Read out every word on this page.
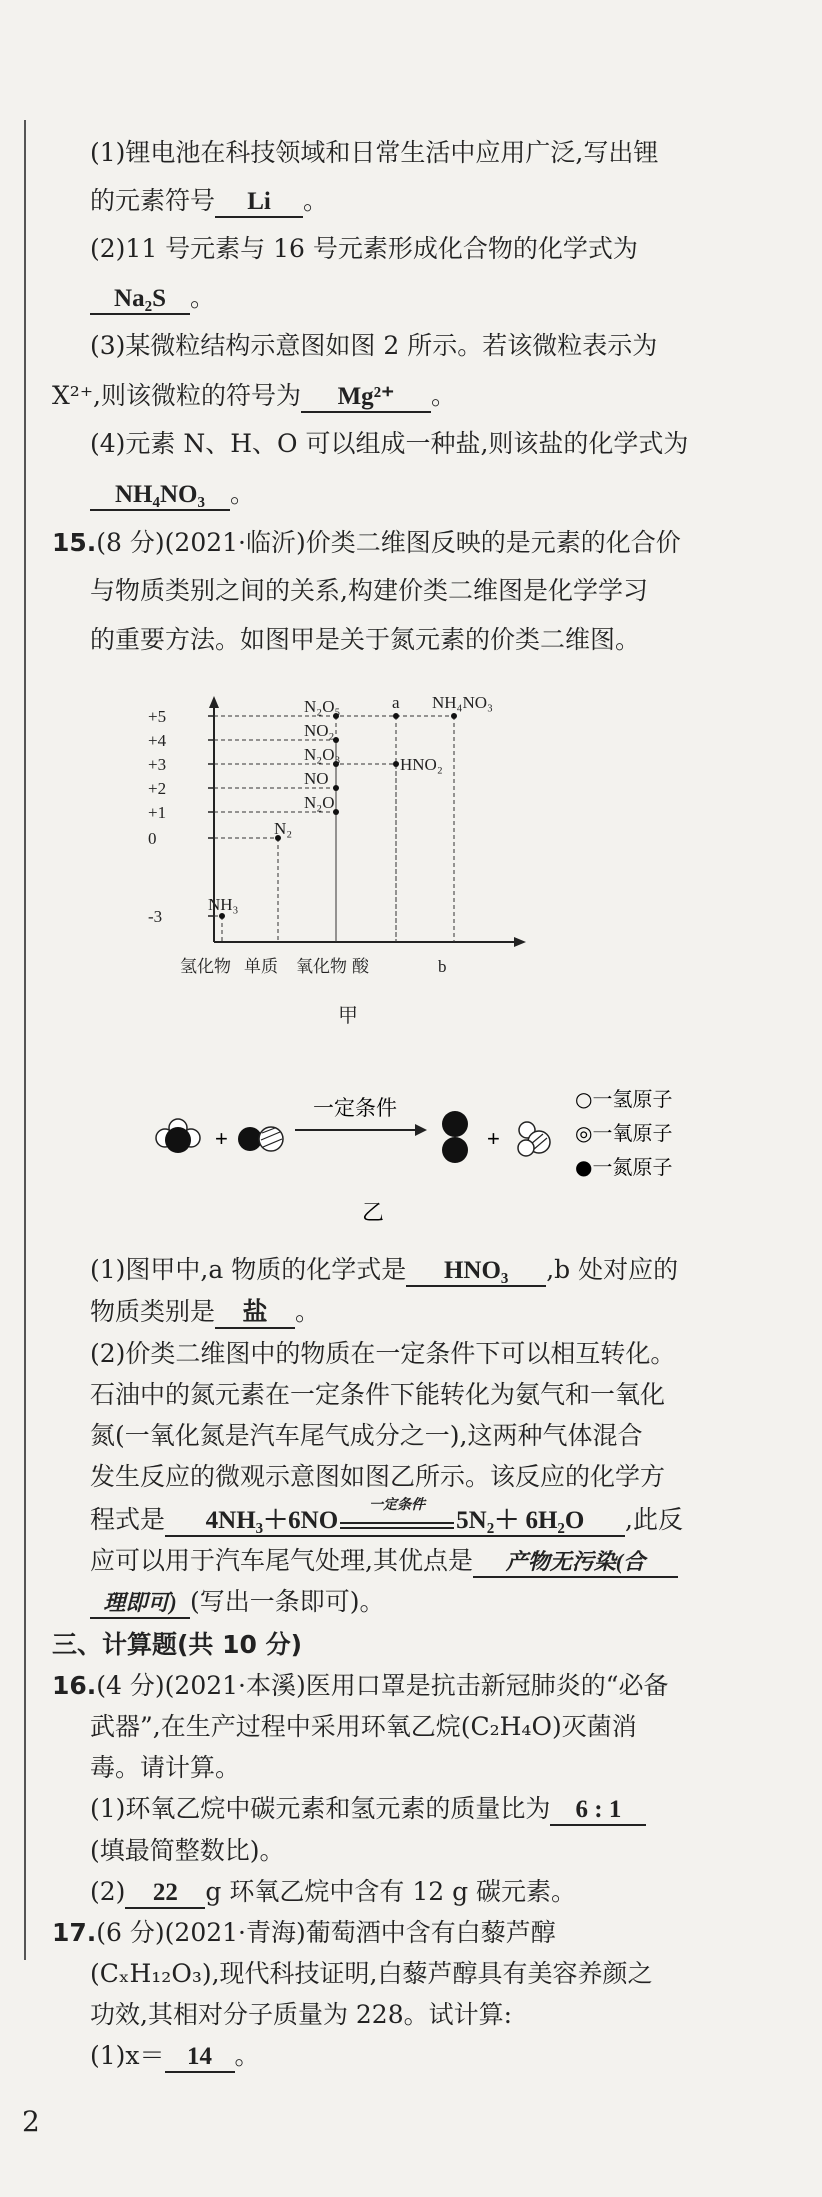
(1)锂电池在科技领域和日常生活中应用广泛,写出锂
的元素符号 Li 。
(2)11 号元素与 16 号元素形成化合物的化学式为
Na₂S 。
(3)某微粒结构示意图如图 2 所示。若该微粒表示为
X²⁺,则该微粒的符号为 Mg²⁺ 。
(4)元素 N、H、O 可以组成一种盐,则该盐的化学式为
NH₄NO₃ 。
15.(8 分)(2021·临沂)价类二维图反映的是元素的化合价
与物质类别之间的关系,构建价类二维图是化学学习
的重要方法。如图甲是关于氮元素的价类二维图。
+5
+4
+3
+2
+1
0
-3
N₂O₅
NO₂
N₂O₃
NO
N₂O
N₂
NH₃
a
HNO₂
NH₄NO₃
氢化物 单质 氧化物 酸	b
甲
+
一定条件
+
○一氢原子
◎一氧原子
●一氮原子
乙
(1)图甲中,a 物质的化学式是 HNO₃ ,b 处对应的
物质类别是 盐 。
(2)价类二维图中的物质在一定条件下可以相互转化。
石油中的氮元素在一定条件下能转化为氨气和一氧化
氮(一氧化氮是汽车尾气成分之一),这两种气体混合
发生反应的微观示意图如图乙所示。该反应的化学方
程式是 4NH₃＋6NO
一定条件
5N₂＋ 6H₂O ,此反
应可以用于汽车尾气处理,其优点是 产物无污染(合
理即可) (写出一条即可)。
三、计算题(共 10 分)
16.(4 分)(2021·本溪)医用口罩是抗击新冠肺炎的“必备
武器”,在生产过程中采用环氧乙烷(C₂H₄O)灭菌消
毒。请计算。
(1)环氧乙烷中碳元素和氢元素的质量比为 6 : 1
(填最简整数比)。
(2) 22 g 环氧乙烷中含有 12 g 碳元素。
17.(6 分)(2021·青海)葡萄酒中含有白藜芦醇
(CₓH₁₂O₃),现代科技证明,白藜芦醇具有美容养颜之
功效,其相对分子质量为 228。试计算:
(1)x＝ 14 。
2
